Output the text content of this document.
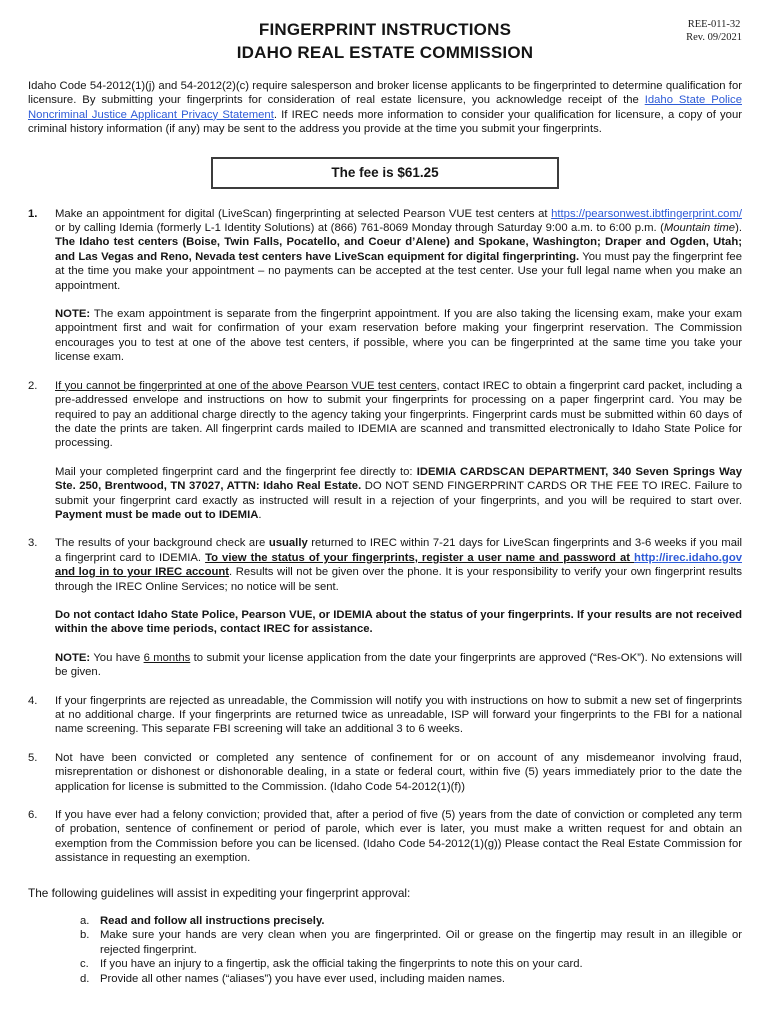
FINGERPRINT INSTRUCTIONS
IDAHO REAL ESTATE COMMISSION
REE-011-32
Rev. 09/2021

Idaho Code 54-2012(1)(j) and 54-2012(2)(c) require salesperson and broker license applicants to be fingerprinted to determine qualification for licensure. By submitting your fingerprints for consideration of real estate licensure, you acknowledge receipt of the Idaho State Police Noncriminal Justice Applicant Privacy Statement. If IREC needs more information to consider your qualification for licensure, a copy of your criminal history information (if any) may be sent to the address you provide at the time you submit your fingerprints.

The fee is $61.25
1.	Make an appointment for digital (LiveScan) fingerprinting at selected Pearson VUE test centers at https://pearsonwest.ibtfingerprint.com/ or by calling Idemia (formerly L-1 Identity Solutions) at (866) 761-8069 Monday through Saturday 9:00 a.m. to 6:00 p.m. (Mountain time). The Idaho test centers (Boise, Twin Falls, Pocatello, and Coeur d’Alene) and Spokane, Washington; Draper and Ogden, Utah; and Las Vegas and Reno, Nevada test centers have LiveScan equipment for digital fingerprinting. You must pay the fingerprint fee at the time you make your appointment – no payments can be accepted at the test center. Use your full legal name when you make an appointment.

NOTE: The exam appointment is separate from the fingerprint appointment. If you are also taking the licensing exam, make your exam appointment first and wait for confirmation of your exam reservation before making your fingerprint reservation. The Commission encourages you to test at one of the above test centers, if possible, where you can be fingerprinted at the same time you take your license exam.

2.	If you cannot be fingerprinted at one of the above Pearson VUE test centers, contact IREC to obtain a fingerprint card packet, including a pre-addressed envelope and instructions on how to submit your fingerprints for processing on a paper fingerprint card. You may be required to pay an additional charge directly to the agency taking your fingerprints. Fingerprint cards must be submitted within 60 days of the date the prints are taken. All fingerprint cards mailed to IDEMIA are scanned and transmitted electronically to Idaho State Police for processing.

Mail your completed fingerprint card and the fingerprint fee directly to: IDEMIA CARDSCAN DEPARTMENT, 340 Seven Springs Way Ste. 250, Brentwood, TN 37027, ATTN: Idaho Real Estate. DO NOT SEND FINGERPRINT CARDS OR THE FEE TO IREC. Failure to submit your fingerprint card exactly as instructed will result in a rejection of your fingerprints, and you will be required to start over. Payment must be made out to IDEMIA.

3.	The results of your background check are usually returned to IREC within 7-21 days for LiveScan fingerprints and 3-6 weeks if you mail a fingerprint card to IDEMIA. To view the status of your fingerprints, register a user name and password at http://irec.idaho.gov and log in to your IREC account. Results will not be given over the phone. It is your responsibility to verify your own fingerprint results through the IREC Online Services; no notice will be sent.

Do not contact Idaho State Police, Pearson VUE, or IDEMIA about the status of your fingerprints. If your results are not received within the above time periods, contact IREC for assistance.

NOTE: You have 6 months to submit your license application from the date your fingerprints are approved (“Res-OK”). No extensions will be given.

4.	If your fingerprints are rejected as unreadable, the Commission will notify you with instructions on how to submit a new set of fingerprints at no additional charge. If your fingerprints are returned twice as unreadable, ISP will forward your fingerprints to the FBI for a national name screening. This separate FBI screening will take an additional 3 to 6 weeks.

5.	Not have been convicted or completed any sentence of confinement for or on account of any misdemeanor involving fraud, misreprentation or dishonest or dishonorable dealing, in a state or federal court, within five (5) years immediately prior to the date the application for license is submitted to the Commission. (Idaho Code 54-2012(1)(f))

6.	If you have ever had a felony conviction; provided that, after a period of five (5) years from the date of conviction or completed any term of probation, sentence of confinement or period of parole, which ever is later, you must make a written request for and obtain an exemption from the Commission before you can be licensed. (Idaho Code 54-2012(1)(g)) Please contact the Real Estate Commission for assistance in requesting an exemption.

The following guidelines will assist in expediting your fingerprint approval:

a. Read and follow all instructions precisely.
b. Make sure your hands are very clean when you are fingerprinted. Oil or grease on the fingertip may result in an illegible or rejected fingerprint.
c. If you have an injury to a fingertip, ask the official taking the fingerprints to note this on your card.
d. Provide all other names (“aliases”) you have ever used, including maiden names.
